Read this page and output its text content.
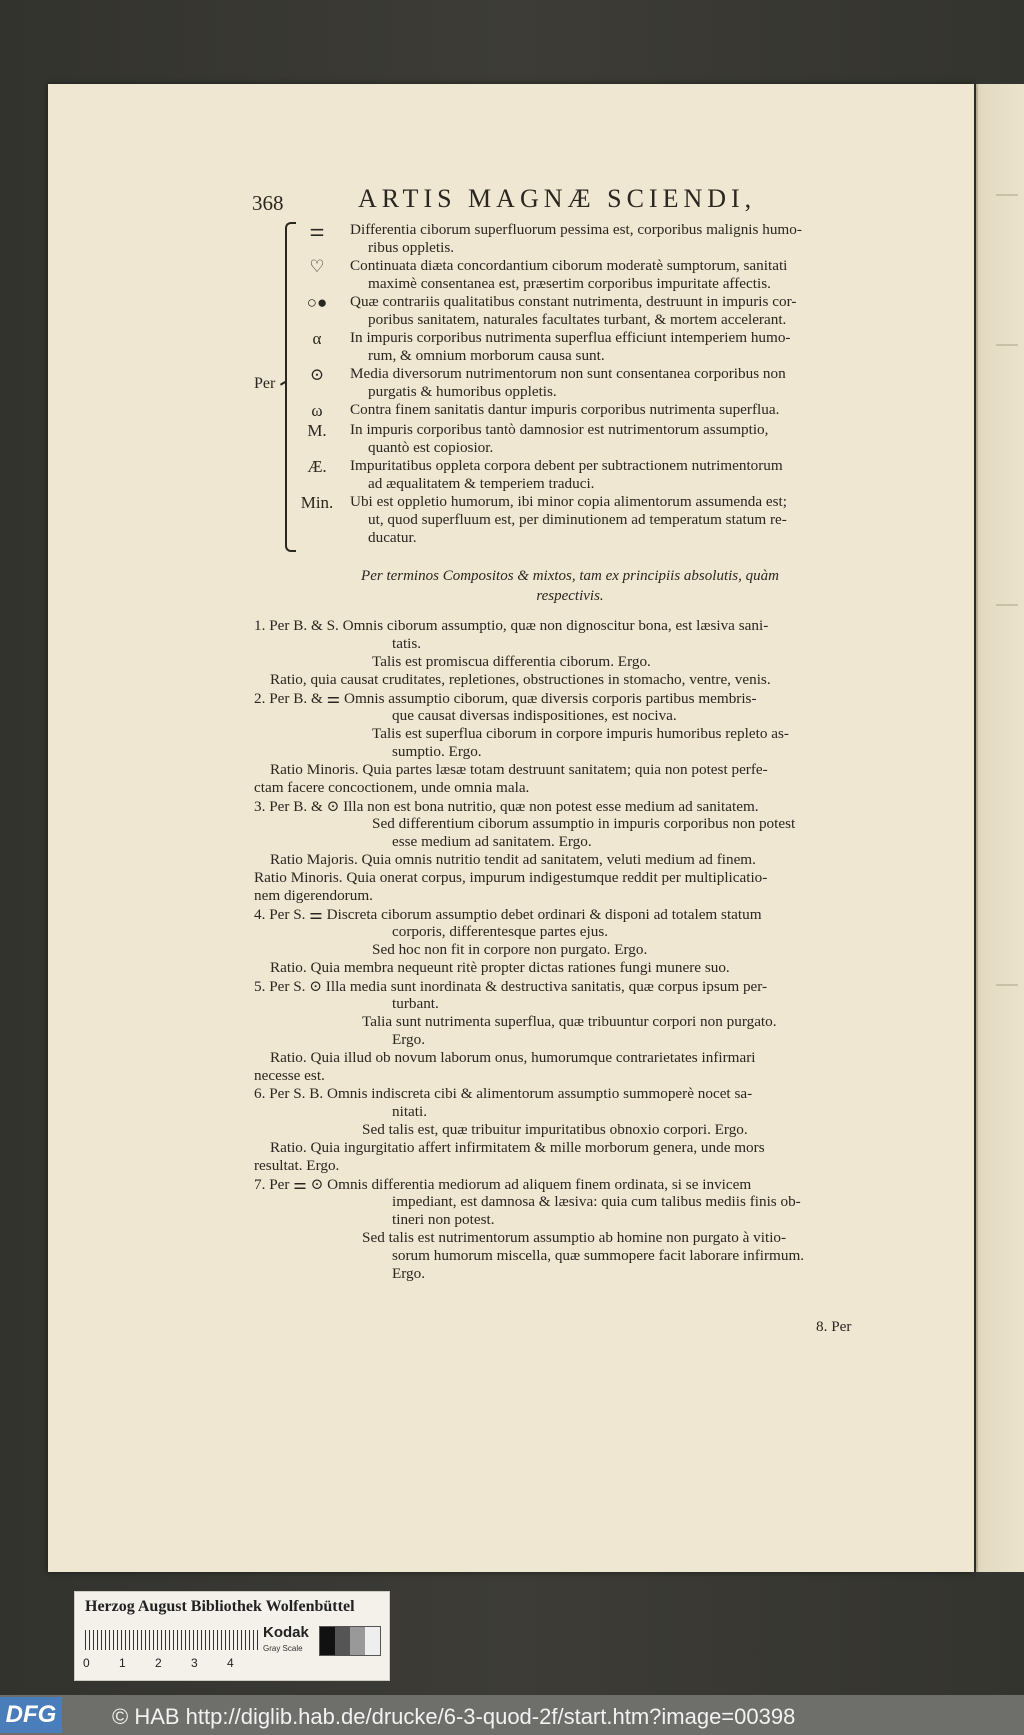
368	ARTIS MAGNÆ SCIENDI,
Per
⚌	Differentia ciborum superfluorum pessima est, corporibus malignis humo-
ribus oppletis.
♡	Continuata diæta concordantium ciborum moderatè sumptorum, sanitati
maximè consentanea est, præsertim corporibus impuritate affectis.
○●	Quæ contrariis qualitatibus constant nutrimenta, destruunt in impuris cor-
poribus sanitatem, naturales facultates turbant, & mortem accelerant.
α	In impuris corporibus nutrimenta superflua efficiunt intemperiem humo-
rum, & omnium morborum causa sunt.
⊙	Media diversorum nutrimentorum non sunt consentanea corporibus non
purgatis & humoribus oppletis.
ω	Contra finem sanitatis dantur impuris corporibus nutrimenta superflua.
M.	In impuris corporibus tantò damnosior est nutrimentorum assumptio,
quantò est copiosior.
Æ.	Impuritatibus oppleta corpora debent per subtractionem nutrimentorum
ad æqualitatem & temperiem traduci.
Min.	Ubi est oppletio humorum, ibi minor copia alimentorum assumenda est;
ut, quod superfluum est, per diminutionem ad temperatum statum re-
ducatur.
Per terminos Compositos & mixtos, tam ex principiis absolutis, quàm
respectivis.
1. Per B. & S. Omnis ciborum assumptio, quæ non dignoscitur bona, est læsiva sani-
tatis.
Talis est promiscua differentia ciborum. Ergo.
Ratio, quia causat cruditates, repletiones, obstructiones in stomacho, ventre, venis.
2. Per B. & ⚌ Omnis assumptio ciborum, quæ diversis corporis partibus membris-
que causat diversas indispositiones, est nociva.
Talis est superflua ciborum in corpore impuris humoribus repleto as-
sumptio. Ergo.
Ratio Minoris. Quia partes læsæ totam destruunt sanitatem; quia non potest perfe-
ctam facere concoctionem, unde omnia mala.
3. Per B. & ⊙ Illa non est bona nutritio, quæ non potest esse medium ad sanitatem.
Sed differentium ciborum assumptio in impuris corporibus non potest
esse medium ad sanitatem. Ergo.
Ratio Majoris. Quia omnis nutritio tendit ad sanitatem, veluti medium ad finem.
Ratio Minoris. Quia onerat corpus, impurum indigestumque reddit per multiplicatio-
nem digerendorum.
4. Per S. ⚌ Discreta ciborum assumptio debet ordinari & disponi ad totalem statum
corporis, differentesque partes ejus.
Sed hoc non fit in corpore non purgato. Ergo.
Ratio. Quia membra nequeunt ritè propter dictas rationes fungi munere suo.
5. Per S. ⊙ Illa media sunt inordinata & destructiva sanitatis, quæ corpus ipsum per-
turbant.
Talia sunt nutrimenta superflua, quæ tribuuntur corpori non purgato.
Ergo.
Ratio. Quia illud ob novum laborum onus, humorumque contrarietates infirmari
necesse est.
6. Per S. B. Omnis indiscreta cibi & alimentorum assumptio summoperè nocet sa-
nitati.
Sed talis est, quæ tribuitur impuritatibus obnoxio corpori. Ergo.
Ratio. Quia ingurgitatio affert infirmitatem & mille morborum genera, unde mors
resultat. Ergo.
7. Per ⚌ ⊙ Omnis differentia mediorum ad aliquem finem ordinata, si se invicem
impediant, est damnosa & læsiva: quia cum talibus mediis finis ob-
tineri non potest.
Sed talis est nutrimentorum assumptio ab homine non purgato à vitio-
sorum humorum miscella, quæ summopere facit laborare infirmum.
Ergo.
8. Per
Herzog August Bibliothek Wolfenbüttel
0 1 2 3 4
Kodak
Gray Scale
DFG	© HAB http://diglib.hab.de/drucke/6-3-quod-2f/start.htm?image=00398
